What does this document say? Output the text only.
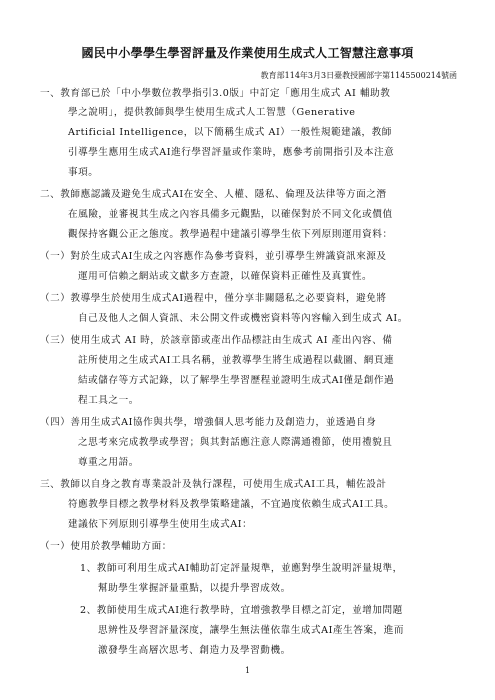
國民中小學學生學習評量及作業使用生成式人工智慧注意事項
教育部114年3月3日臺教授國部字第1145500214號函
一、教育部已於「中小學數位教學指引3.0版」中訂定「應用生成式 AI 輔助教
學之說明」，提供教師與學生使用生成式人工智慧（Generative
Artificial Intelligence，以下簡稱生成式 AI）一般性規範建議，教師
引導學生應用生成式AI進行學習評量或作業時，應參考前開指引及本注意
事項。
二、教師應認識及避免生成式AI在安全、人權、隱私、倫理及法律等方面之潛
在風險，並審視其生成之內容具備多元觀點，以確保對於不同文化或價值
觀保持客觀公正之態度。教學過程中建議引導學生依下列原則運用資料：
（一）對於生成式AI生成之內容應作為參考資料，並引導學生辨識資訊來源及
運用可信賴之網站或文獻多方查證，以確保資料正確性及真實性。
（二）教導學生於使用生成式AI過程中，僅分享非關隱私之必要資料，避免將
自己及他人之個人資訊、未公開文件或機密資料等內容輸入到生成式 AI。
（三）使用生成式 AI 時，於該章節或產出作品標註由生成式 AI 產出內容、備
註所使用之生成式AI工具名稱，並教導學生將生成過程以截圖、網頁連
結或儲存等方式記錄，以了解學生學習歷程並證明生成式AI僅是創作過
程工具之一。
（四）善用生成式AI協作與共學，增強個人思考能力及創造力，並透過自身
之思考來完成教學或學習；與其對話應注意人際溝通禮節，使用禮貌且
尊重之用語。
三、教師以自身之教育專業設計及執行課程，可使用生成式AI工具，輔佐設計
符應教學目標之教學材料及教學策略建議，不宜過度依賴生成式AI工具。
建議依下列原則引導學生使用生成式AI：
（一）使用於教學輔助方面：
1、教師可利用生成式AI輔助訂定評量規準，並應對學生說明評量規準，
幫助學生掌握評量重點，以提升學習成效。
2、教師使用生成式AI進行教學時，宜增強教學目標之訂定，並增加問題
思辨性及學習評量深度，讓學生無法僅依靠生成式AI產生答案，進而
激發學生高層次思考、創造力及學習動機。
1
